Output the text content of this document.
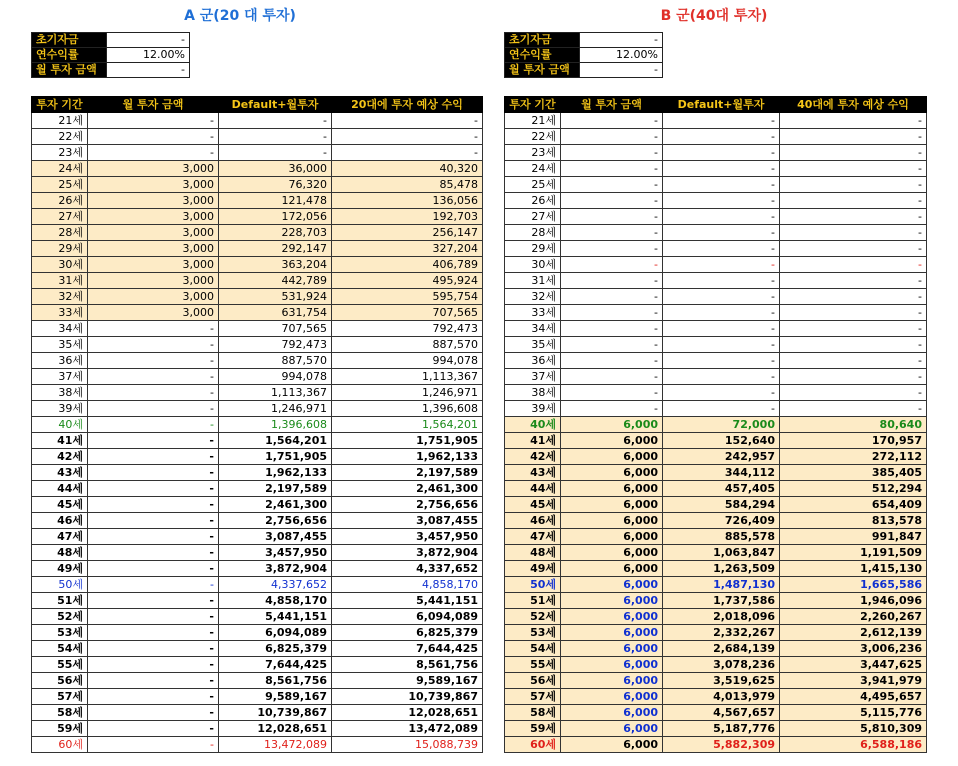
A 군(20 대 투자)
초기자금	-
연수익률	12.00%
월 투자 금액	-
투자 기간	월 투자 금액	Default+월투자	20대에 투자 예상 수익
21세	-	-	-
22세	-	-	-
23세	-	-	-
24세	3,000	36,000	40,320
25세	3,000	76,320	85,478
26세	3,000	121,478	136,056
27세	3,000	172,056	192,703
28세	3,000	228,703	256,147
29세	3,000	292,147	327,204
30세	3,000	363,204	406,789
31세	3,000	442,789	495,924
32세	3,000	531,924	595,754
33세	3,000	631,754	707,565
34세	-	707,565	792,473
35세	-	792,473	887,570
36세	-	887,570	994,078
37세	-	994,078	1,113,367
38세	-	1,113,367	1,246,971
39세	-	1,246,971	1,396,608
40세	-	1,396,608	1,564,201
41세	-	1,564,201	1,751,905
42세	-	1,751,905	1,962,133
43세	-	1,962,133	2,197,589
44세	-	2,197,589	2,461,300
45세	-	2,461,300	2,756,656
46세	-	2,756,656	3,087,455
47세	-	3,087,455	3,457,950
48세	-	3,457,950	3,872,904
49세	-	3,872,904	4,337,652
50세	-	4,337,652	4,858,170
51세	-	4,858,170	5,441,151
52세	-	5,441,151	6,094,089
53세	-	6,094,089	6,825,379
54세	-	6,825,379	7,644,425
55세	-	7,644,425	8,561,756
56세	-	8,561,756	9,589,167
57세	-	9,589,167	10,739,867
58세	-	10,739,867	12,028,651
59세	-	12,028,651	13,472,089
60세	-	13,472,089	15,088,739
B 군(40대 투자)
초기자금	-
연수익률	12.00%
월 투자 금액	-
투자 기간	월 투자 금액	Default+월투자	40대에 투자 예상 수익
21세	-	-	-
22세	-	-	-
23세	-	-	-
24세	-	-	-
25세	-	-	-
26세	-	-	-
27세	-	-	-
28세	-	-	-
29세	-	-	-
30세	-	-	-
31세	-	-	-
32세	-	-	-
33세	-	-	-
34세	-	-	-
35세	-	-	-
36세	-	-	-
37세	-	-	-
38세	-	-	-
39세	-	-	-
40세	6,000	72,000	80,640
41세	6,000	152,640	170,957
42세	6,000	242,957	272,112
43세	6,000	344,112	385,405
44세	6,000	457,405	512,294
45세	6,000	584,294	654,409
46세	6,000	726,409	813,578
47세	6,000	885,578	991,847
48세	6,000	1,063,847	1,191,509
49세	6,000	1,263,509	1,415,130
50세	6,000	1,487,130	1,665,586
51세	6,000	1,737,586	1,946,096
52세	6,000	2,018,096	2,260,267
53세	6,000	2,332,267	2,612,139
54세	6,000	2,684,139	3,006,236
55세	6,000	3,078,236	3,447,625
56세	6,000	3,519,625	3,941,979
57세	6,000	4,013,979	4,495,657
58세	6,000	4,567,657	5,115,776
59세	6,000	5,187,776	5,810,309
60세	6,000	5,882,309	6,588,186
